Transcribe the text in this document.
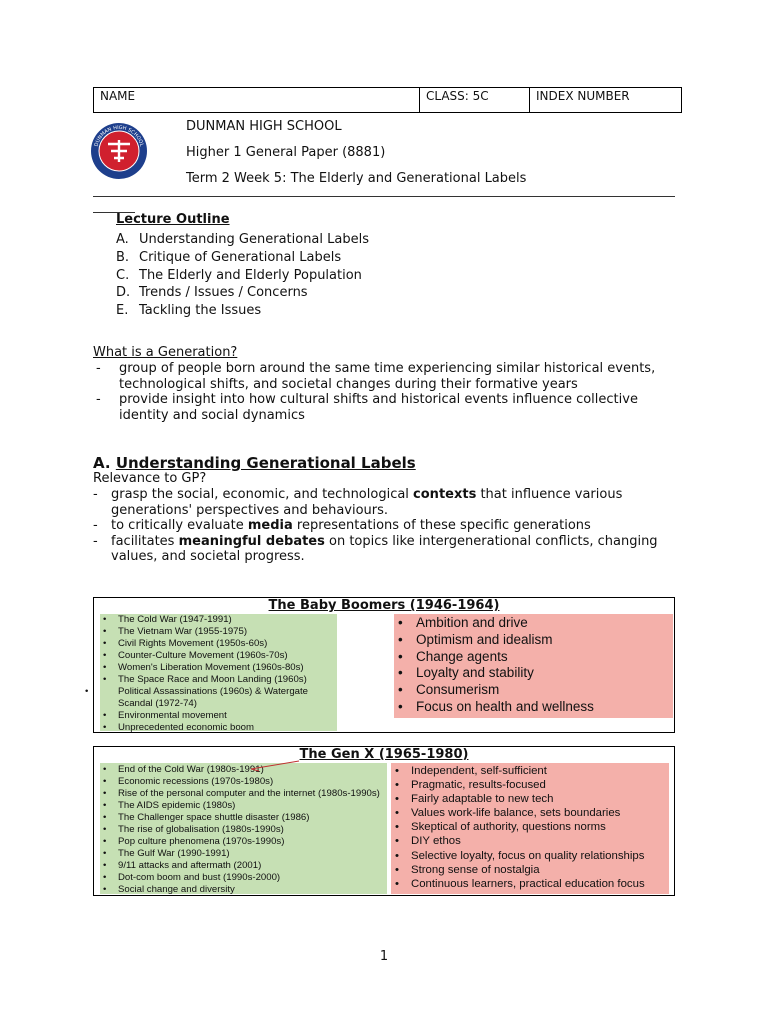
NAME	CLASS: 5C	INDEX NUMBER
DUNMAN HIGH SCHOOL
DUNMAN HIGH SCHOOL
Higher 1 General Paper (8881)
Term 2 Week 5: The Elderly and Generational Labels
Lecture Outline
A. Understanding Generational Labels
B. Critique of Generational Labels
C. The Elderly and Elderly Population
D. Trends / Issues / Concerns
E. Tackling the Issues
What is a Generation?
-	group of people born around the same time experiencing similar historical events, technological shifts, and societal changes during their formative years
-	provide insight into how cultural shifts and historical events influence collective identity and social dynamics
A. Understanding Generational Labels
Relevance to GP?
-	grasp the social, economic, and technological contexts that influence various generations' perspectives and behaviours.
-	to critically evaluate media representations of these specific generations
-	facilitates meaningful debates on topics like intergenerational conflicts, changing values, and societal progress.
The Baby Boomers (1946-1964)
• The Cold War (1947-1991)
• The Vietnam War (1955-1975)
• Civil Rights Movement (1950s-60s)
• Counter-Culture Movement (1960s-70s)
• Women's Liberation Movement (1960s-80s)
• The Space Race and Moon Landing (1960s)
• Political Assassinations (1960s) & Watergate Scandal (1972-74)
• Environmental movement
• Unprecedented economic boom
• Ambition and drive
• Optimism and idealism
• Change agents
• Loyalty and stability
• Consumerism
• Focus on health and wellness
The Gen X (1965-1980)
• End of the Cold War (1980s-1991)
• Economic recessions (1970s-1980s)
• Rise of the personal computer and the internet (1980s-1990s)
• The AIDS epidemic (1980s)
• The Challenger space shuttle disaster (1986)
• The rise of globalisation (1980s-1990s)
• Pop culture phenomena (1970s-1990s)
• The Gulf War (1990-1991)
• 9/11 attacks and aftermath (2001)
• Dot-com boom and bust (1990s-2000)
• Social change and diversity
• Independent, self-sufficient
• Pragmatic, results-focused
• Fairly adaptable to new tech
• Values work-life balance, sets boundaries
• Skeptical of authority, questions norms
• DIY ethos
• Selective loyalty, focus on quality relationships
• Strong sense of nostalgia
• Continuous learners, practical education focus
1
